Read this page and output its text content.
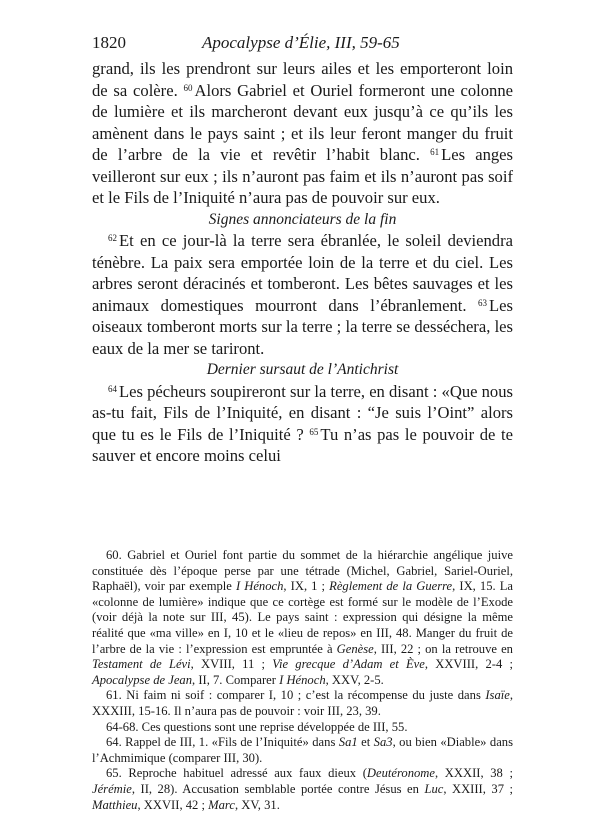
1820	Apocalypse d’Élie, III, 59-65

grand, ils les prendront sur leurs ailes et les emporteront loin de sa colère. $^{60}$ Alors Gabriel et Ouriel formeront une colonne de lumière et ils marcheront devant eux jusqu’à ce qu’ils les amènent dans le pays saint ; et ils leur feront manger du fruit de l’arbre de la vie et revêtir l’habit blanc. $^{61}$ Les anges veilleront sur eux ; ils n’auront pas faim et ils n’auront pas soif et le Fils de l’Iniquité n’aura pas de pouvoir sur eux.

Signes annonciateurs de la fin

$^{62}$ Et en ce jour-là la terre sera ébranlée, le soleil deviendra ténèbre. La paix sera emportée loin de la terre et du ciel. Les arbres seront déracinés et tomberont. Les bêtes sauvages et les animaux domestiques mourront dans l’ébranlement. $^{63}$ Les oiseaux tomberont morts sur la terre ; la terre se desséchera, les eaux de la mer se tariront.

Dernier sursaut de l’Antichrist

$^{64}$ Les pécheurs soupireront sur la terre, en disant : «Que nous as-tu fait, Fils de l’Iniquité, en disant : “Je suis l’Oint” alors que tu es le Fils de l’Iniquité ? $^{65}$ Tu n’as pas le pouvoir de te sauver et encore moins celui

60. Gabriel et Ouriel font partie du sommet de la hiérarchie angélique juive constituée dès l’époque perse par une tétrade (Michel, Gabriel, Sariel-Ouriel, Raphaël), voir par exemple I Hénoch, IX, 1 ; Règlement de la Guerre, IX, 15. La «colonne de lumière» indique que ce cortège est formé sur le modèle de l’Exode (voir déjà la note sur III, 45). Le pays saint : expression qui désigne la même réalité que «ma ville» en I, 10 et le «lieu de repos» en III, 48. Manger du fruit de l’arbre de la vie : l’expression est empruntée à Genèse, III, 22 ; on la retrouve en Testament de Lévi, XVIII, 11 ; Vie grecque d’Adam et Ève, XXVIII, 2-4 ; Apocalypse de Jean, II, 7. Comparer I Hénoch, XXV, 2-5.

61. Ni faim ni soif : comparer I, 10 ; c’est la récompense du juste dans Isaïe, XXXIII, 15-16. Il n’aura pas de pouvoir : voir III, 23, 39.

64-68. Ces questions sont une reprise développée de III, 55.

64. Rappel de III, 1. «Fils de l’Iniquité» dans Sa1 et Sa3, ou bien «Diable» dans l’Achmimique (comparer III, 30).

65. Reproche habituel adressé aux faux dieux (Deutéronome, XXXII, 38 ; Jérémie, II, 28). Accusation semblable portée contre Jésus en Luc, XXIII, 37 ; Matthieu, XXVII, 42 ; Marc, XV, 31.
